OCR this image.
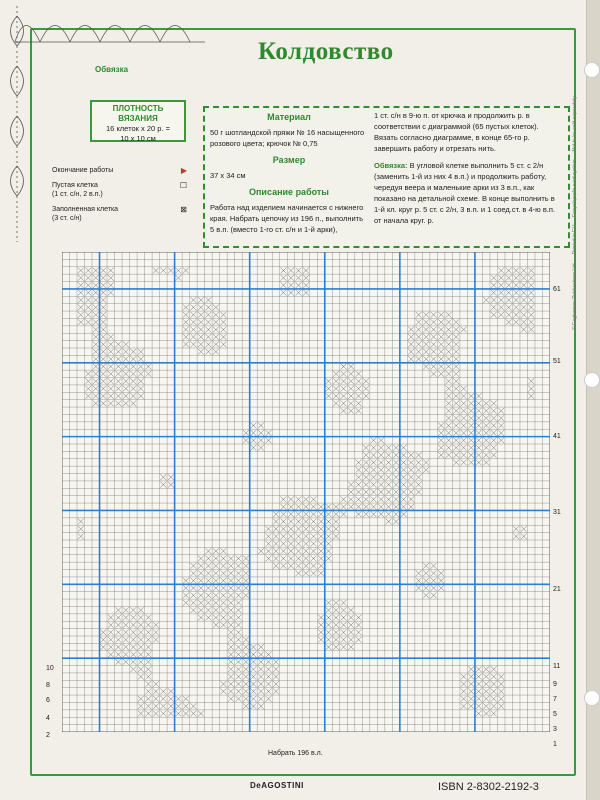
Колдовство
Обвязка
ПЛОТНОСТЬ ВЯЗАНИЯ
16 клеток x 20 р. =
10 x 10 см
Окончание работы	▶
Пустая клетка
(1 ст. с/н, 2 в.п.)
☐
Заполненная клетка
(3 ст. с/н)
⊠
Материал

50 г шотландской пряжи № 16 насыщенного розового цвета; крючок № 0,75

Размер

37 x 34 см

Описание работы

Работа над изделием начинается с нижнего края. Набрать цепочку из 196 п., выполнить 5 в.п. (вместо 1-го ст. с/н и 1-й арки),

1 ст. с/н в 9-ю п. от крючка и продолжить р. в соответствии с диаграммой (65 пустых клеток). Вязать согласно диаграмме, в конце 65-го р. завершить работу и отрезать нить.

Обвязка: В угловой клетке выполнить 5 ст. с 2/н (заменить 1-й из них 4 в.п.) и продолжить работу, чередуя веера и маленькие арки из 3 в.п., как показано на детальной схеме. В конце выполнить в 1-й кл. круг р. 5 ст. с 2/н, 3 в.п. и 1 соед.ст. в 4-ю в.п. от начала круг. р.

61
51
41
31
21
11
9
7
5
3
1
10
8
6
4
2
Набрать 196 в.л.
DeAGOSTINI	ISBN 2-8302-2192-3
© Eaglemoss Publications Ltd. — Printed in EU — Encyclopedic card system — Not to be sold separately
